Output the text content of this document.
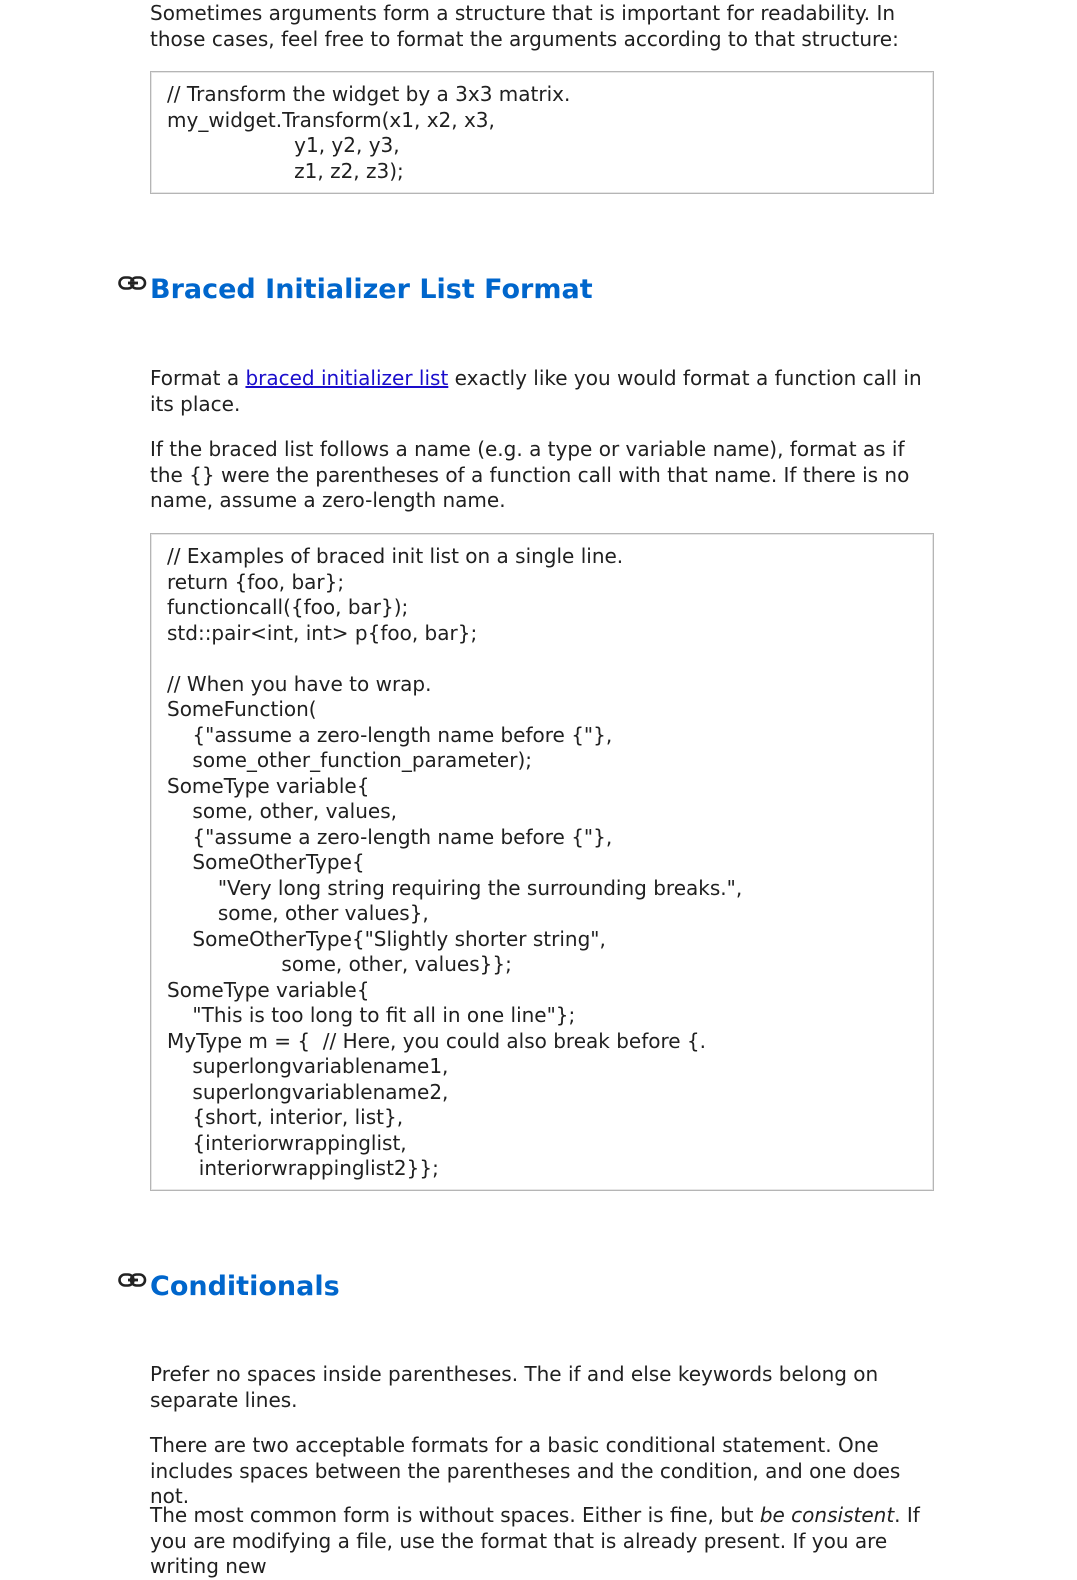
Sometimes arguments form a structure that is important for readability. In those cases, feel free to format the arguments according to that structure:

// Transform the widget by a 3x3 matrix.
my_widget.Transform(x1, x2, x3,
y1, y2, y3,
z1, z2, z3);
Braced Initializer List Format

Format a braced initializer list exactly like you would format a function call in its place.

If the braced list follows a name (e.g. a type or variable name), format as if the {} were the parentheses of a function call with that name. If there is no name, assume a zero-length name.

// Examples of braced init list on a single line.
return {foo, bar};
functioncall({foo, bar});
std::pair<int, int> p{foo, bar};

// When you have to wrap.
SomeFunction(
{"assume a zero-length name before {"},
some_other_function_parameter);
SomeType variable{
some, other, values,
{"assume a zero-length name before {"},
SomeOtherType{
"Very long string requiring the surrounding breaks.",
some, other values},
SomeOtherType{"Slightly shorter string",
some, other, values}};
SomeType variable{
"This is too long to fit all in one line"};
MyType m = {  // Here, you could also break before {.
superlongvariablename1,
superlongvariablename2,
{short, interior, list},
{interiorwrappinglist,
interiorwrappinglist2}};
Conditionals

Prefer no spaces inside parentheses. The if and else keywords belong on separate lines.

There are two acceptable formats for a basic conditional statement. One includes spaces between the parentheses and the condition, and one does not.

The most common form is without spaces. Either is fine, but be consistent. If you are modifying a file, use the format that is already present. If you are writing new
